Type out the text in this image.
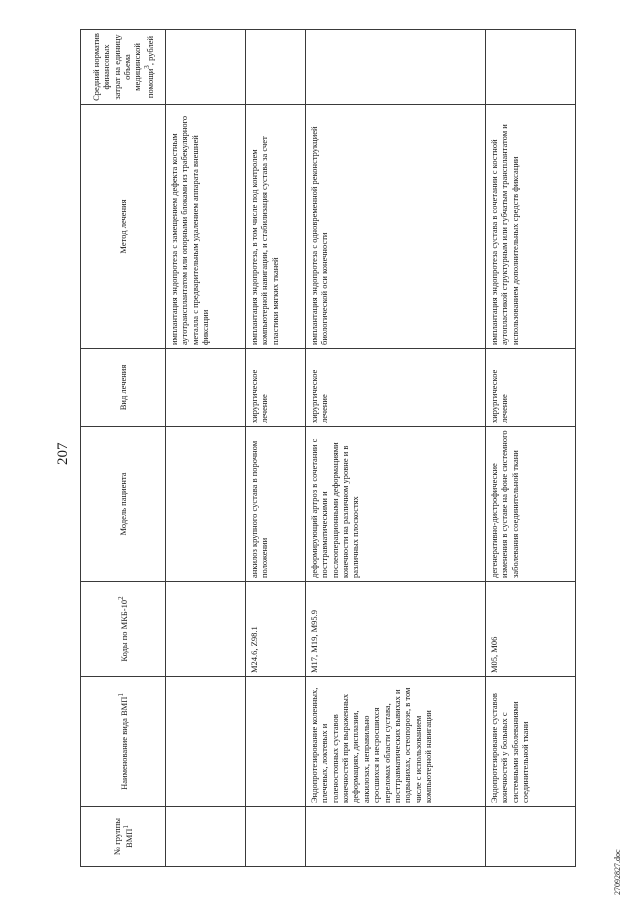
207
№ группы ВМП$^1$	Наименование вида ВМП$^1$	Коды по МКБ-$10^2$	Модель пациента	Вид лечения	Метод лечения	Средний норматив финансовых затрат на единицу объема медицинской помощи$^3$, рублей
					имплантация эндопротеза с замещением дефекта костным аутотрансплантатом или опорными блоками из трабекулярного металла с предварительным удалением аппарата внешней фиксации	
		M24.6, Z98.1	анкилоз крупного сустава в порочном положении	хирургическое лечение	имплантация эндопротеза, в том числе под контролем компьютерной навигации, и стабилизация сустава за счет пластики мягких тканей	
	Эндопротезирование коленных, плечевых, локтевых и голеностопных суставов конечностей при выраженных деформациях, дисплазии, анкилозах, неправильно сросшихся и несросшихся переломах области сустава, посттравматических вывихах и подвывихах, остеопорозе, в том числе с использованием компьютерной навигации	M17, M19, M95.9	деформирующий артроз в сочетании с посттравматическими и послеоперационными деформациями конечности на различном уровне и в различных плоскостях	хирургическое лечение	имплантация эндопротеза с одновременной реконструкцией биологической оси конечности	
	Эндопротезирование суставов конечностей у больных с системными заболеваниями соединительной ткани	M05, M06	дегенеративно-дистрофические изменения в суставе на фоне системного заболевания соединительной ткани	хирургическое лечение	имплантация эндопротеза сустава в сочетании с костной аутопластикой структурным или губчатым трансплантатом и использованием дополнительных средств фиксации	
27092827.doc
